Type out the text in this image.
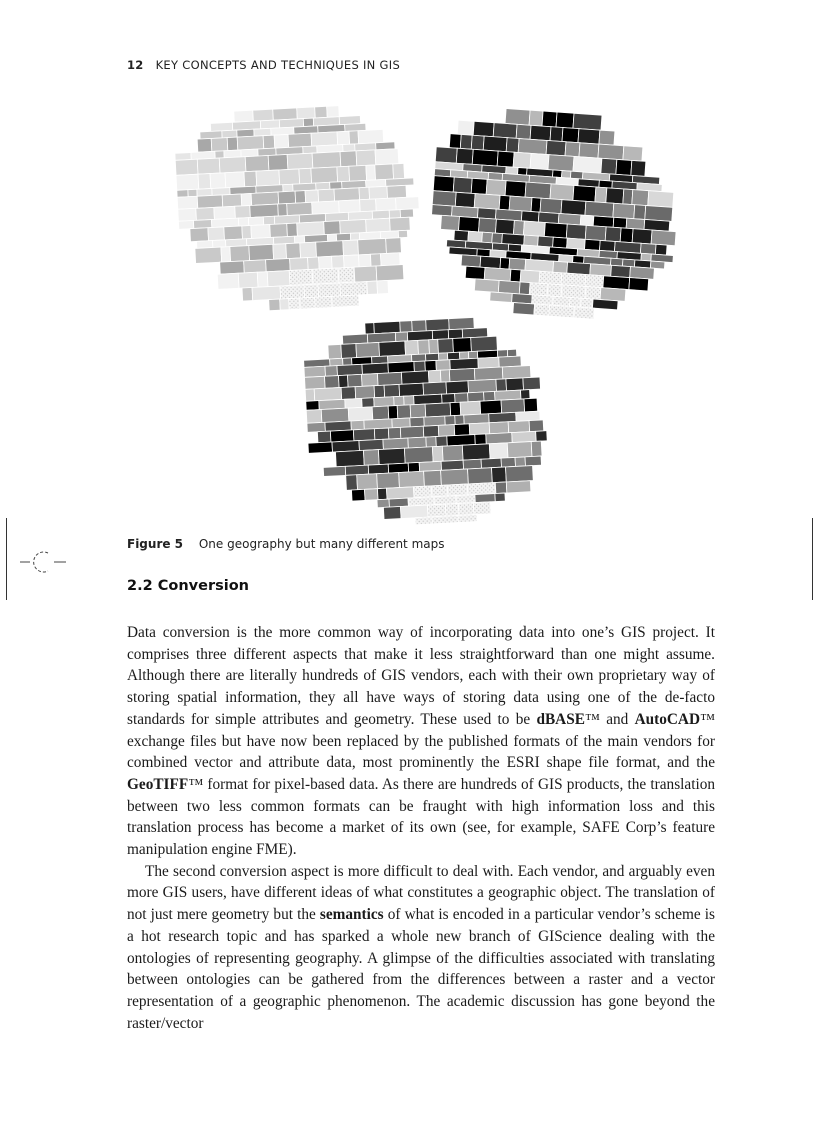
12 KEY CONCEPTS AND TECHNIQUES IN GIS
Figure 5 One geography but many different maps
2.2 Conversion

Data conversion is the more common way of incorporating data into one’s GIS project. It comprises three different aspects that make it less straightforward than one might assume. Although there are literally hundreds of GIS vendors, each with their own proprietary way of storing spatial information, they all have ways of storing data using one of the de-facto standards for simple attributes and geometry. These used to be dBASE™ and AutoCAD™ exchange files but have now been replaced by the published formats of the main vendors for combined vector and attribute data, most prominently the ESRI shape file format, and the GeoTIFF™ format for pixel-based data. As there are hundreds of GIS products, the translation between two less common formats can be fraught with high information loss and this translation process has become a market of its own (see, for example, SAFE Corp’s feature manipulation engine FME).

The second conversion aspect is more difficult to deal with. Each vendor, and arguably even more GIS users, have different ideas of what constitutes a geographic object. The translation of not just mere geometry but the semantics of what is encoded in a particular vendor’s scheme is a hot research topic and has sparked a whole new branch of GIScience dealing with the ontologies of representing geography. A glimpse of the difficulties associated with translating between ontologies can be gathered from the differences between a raster and a vector representation of a geographic phenomenon. The academic discussion has gone beyond the raster/vector
